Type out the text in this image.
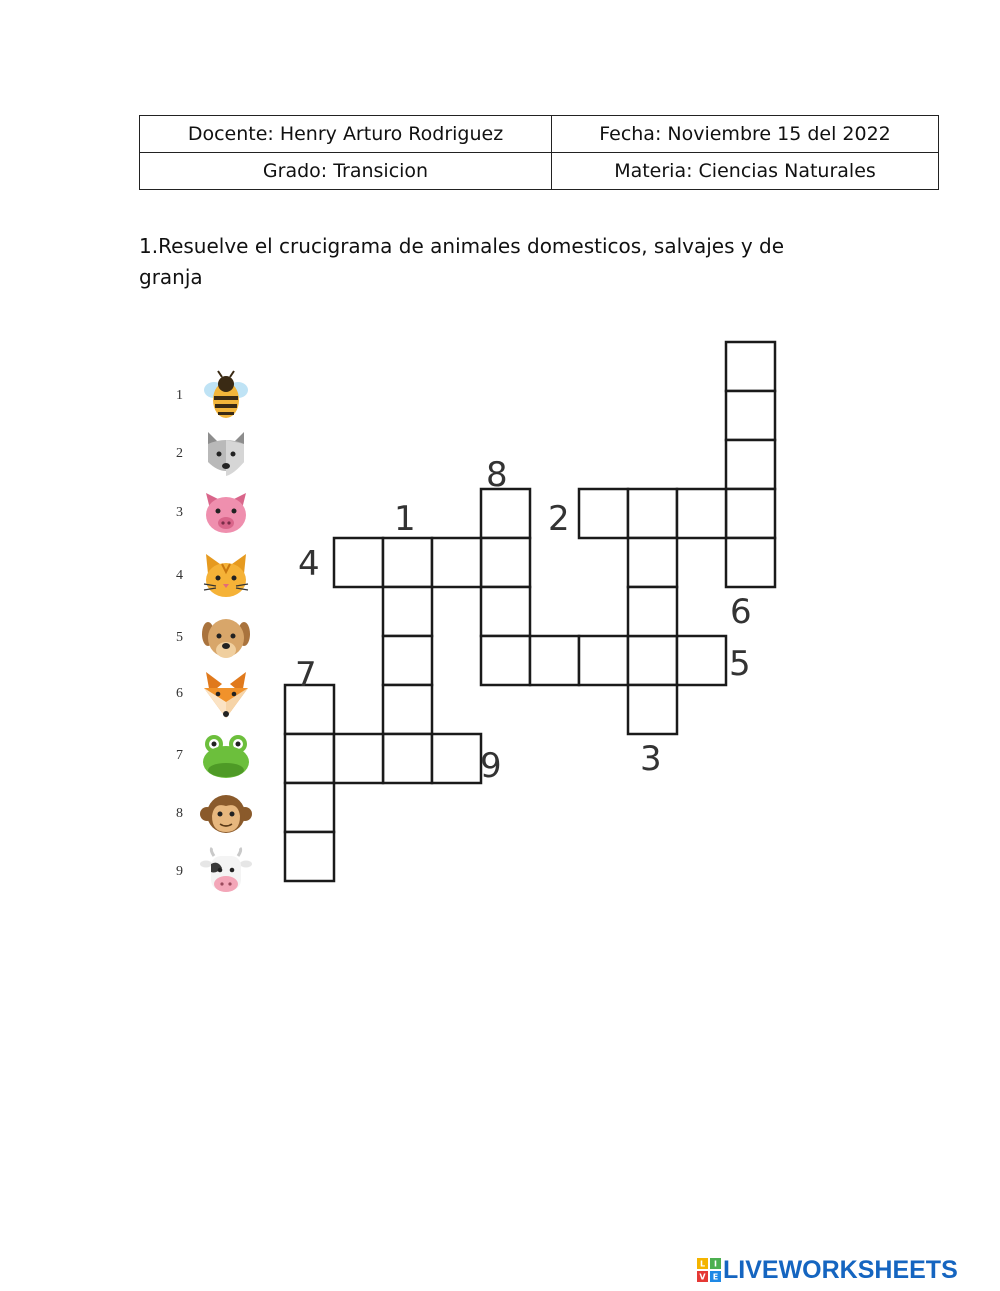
Docente: Henry Arturo Rodriguez	Fecha: Noviembre 15 del 2022
Grado: Transicion	Materia: Ciencias Naturales
1.Resuelve el crucigrama de animales domesticos, salvajes y de granja
1
2
3
4
5
6
7
8
9
1	2
3
4
5
6
7
8
9
L I
V E LIVEWORKSHEETS
